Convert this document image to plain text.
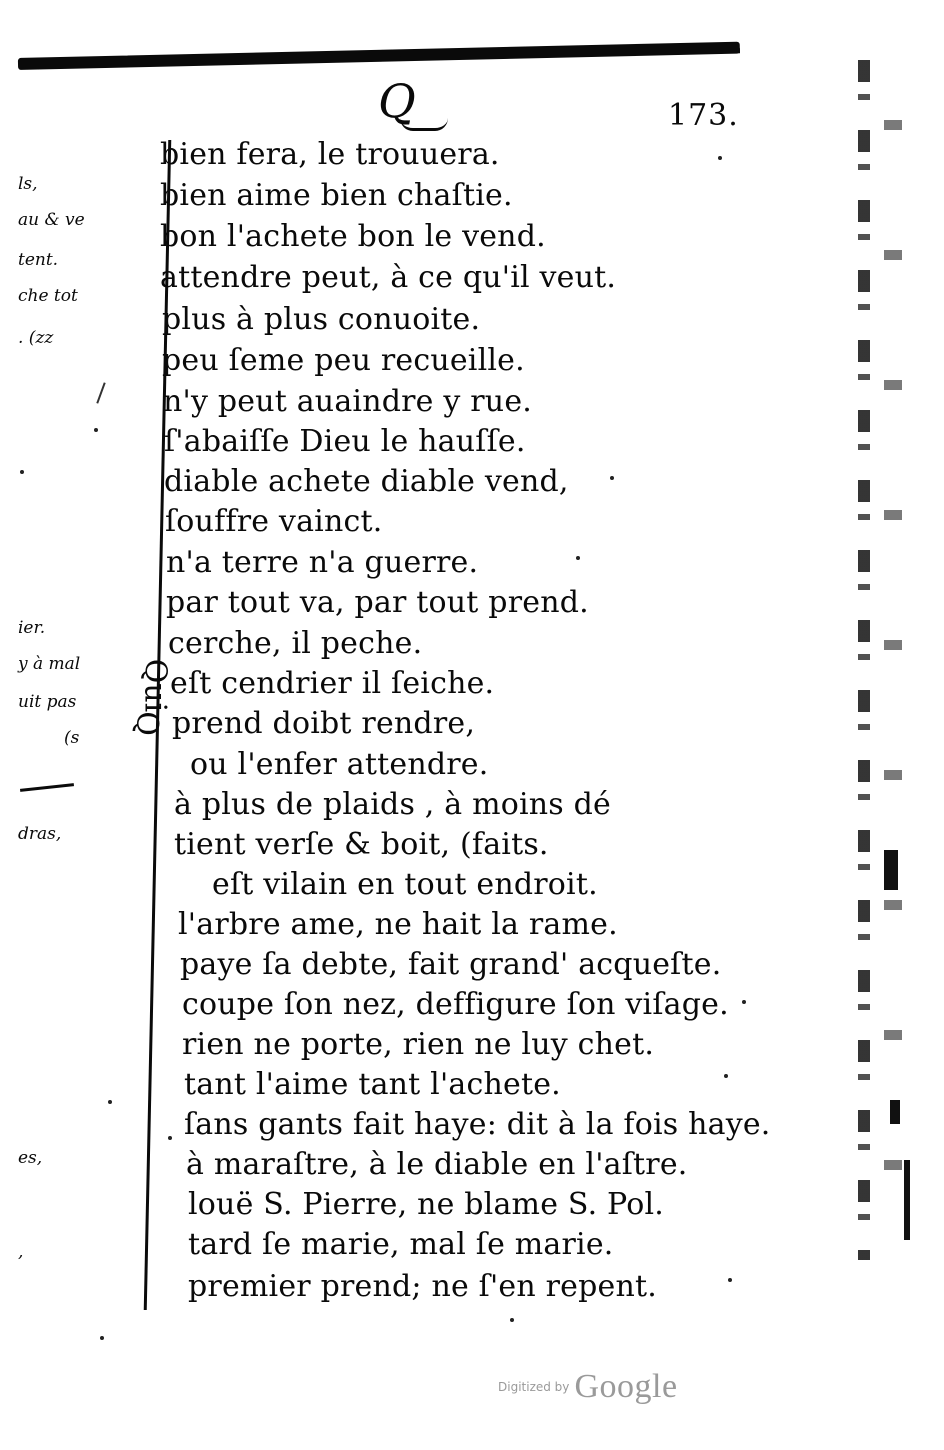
Q	173.
bien fera, le trouuera.
bien aime bien chaſtie.
bon l'achete bon le vend.
attendre peut, à ce qu'il veut.
plus à plus conuoite.
peu ſeme peu recueille.
n'y peut auaindre y rue.
ſ'abaiſſe Dieu le hauſſe.
diable achete diable vend,
ſouffre vainct.
n'a terre n'a guerre.
par tout va, par tout prend.
cerche, il peche.
eſt cendrier il ſeiche.
prend doibt rendre,
ou l'enfer attendre.
à plus de plaids , à moins dé
tient verſe & boit, (faits.
eſt vilain en tout endroit.
l'arbre ame, ne hait la rame.
paye ſa debte, fait grand' acqueſte.
coupe ſon nez, deffigure ſon viſage.
rien ne porte, rien ne luy chet.
tant l'aime tant l'achete.
ſans gants fait haye: dit à la fois haye.
à maraſtre, à le diable en l'aſtre.
louë S. Pierre, ne blame S. Pol.
tard ſe marie, mal ſe marie.
premier prend; ne ſ'en repent.
ls,
au & ve
tent.
che tot
. (zz
ier.
y à mal
uit pas
(s
dras,
es,
,
Qui
Q
Digitized by Google
